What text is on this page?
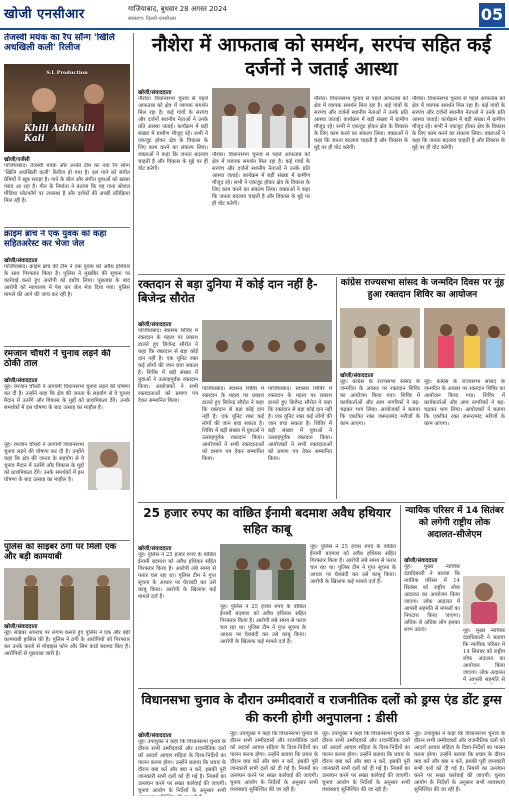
खोजी एनसीआर	गाजियाबाद, बुधवार 28 अगस्त 2024
संस्करण: दिल्ली-एनसीआर	05
तेजस्वी मयंक का रैप सॉन्ग 'खिलि अधखिली कली' रिलीज
S.L Production
Khili Adhkhili Kali
खोजी/एजेंसी
गाजियाबाद। तेजस्वी मयंक और उनकी टीम का नया रैप सॉन्ग 'खिलि अधखिली कली' रिलीज हो गया है। इस गाने को संगीत प्रेमियों ने खूब सराहा है। गाने के बोल और संगीत युवाओं को खासा पसंद आ रहा है। गीत के निर्माता ने बताया कि यह गाना सोशल मीडिया प्लेटफॉर्म पर उपलब्ध है और दर्शकों की अच्छी प्रतिक्रिया मिल रही है।
क्राइम ब्रांच ने एक युवक को कहा सहितअरेस्ट कर भेजा जेल
खोजी/संवाददाता
गाजियाबाद। क्राइम ब्रांच की टीम ने एक युवक को अवैध हथियार के साथ गिरफ्तार किया है। पुलिस ने मुखबिर की सूचना पर कार्रवाई करते हुए आरोपी को दबोच लिया। पूछताछ के बाद आरोपी को न्यायालय में पेश कर जेल भेज दिया गया। पुलिस मामले की आगे की जांच कर रही है।
रमजान चौधरी ने चुनाव लड़ने की ठोकी ताल
खोजी/संवाददाता
नूंह। रमजान चौधरी ने आगामी विधानसभा चुनाव लड़ने की घोषणा कर दी है। उन्होंने कहा कि क्षेत्र की जनता के सहयोग से वे चुनाव मैदान में उतरेंगे और विकास के मुद्दों को प्राथमिकता देंगे। उनके समर्थकों में इस घोषणा के बाद उत्साह का माहौल है।
नूंह। रमजान चौधरी ने आगामी विधानसभा चुनाव लड़ने की घोषणा कर दी है। उन्होंने कहा कि क्षेत्र की जनता के सहयोग से वे चुनाव मैदान में उतरेंगे और विकास के मुद्दों को प्राथमिकता देंगे। उनके समर्थकों में इस घोषणा के बाद उत्साह का माहौल है।
पुलिस को साइबर ठगी पर मिली एक और बड़ी कामयाबी
खोजी/संवाददाता
नूंह। साइबर अपराध पर लगाम कसते हुए पुलिस ने एक और बड़ी कामयाबी हासिल की है। पुलिस ने ठगी के आरोपियों को गिरफ्तार कर उनके कब्जे से मोबाइल फोन और सिम कार्ड बरामद किए हैं। आरोपियों से पूछताछ जारी है।
नौशेरा में आफताब को समर्थन, सरपंच सहित कई दर्जनों ने जताई आस्था
खोजी/संवाददाता
नौशेरा। विधानसभा चुनाव से पहले आफताब को क्षेत्र में व्यापक समर्थन मिल रहा है। कई गांवों के सरपंच और दर्जनों स्थानीय नेताओं ने उनके प्रति आस्था जताई। कार्यक्रम में बड़ी संख्या में ग्रामीण मौजूद रहे। सभी ने एकजुट होकर क्षेत्र के विकास के लिए काम करने का संकल्प लिया। वक्ताओं ने कहा कि जनता बदलाव चाहती है और विकास के मुद्दे पर ही वोट करेगी।
नौशेरा। विधानसभा चुनाव से पहले आफताब को क्षेत्र में व्यापक समर्थन मिल रहा है। कई गांवों के सरपंच और दर्जनों स्थानीय नेताओं ने उनके प्रति आस्था जताई। कार्यक्रम में बड़ी संख्या में ग्रामीण मौजूद रहे। सभी ने एकजुट होकर क्षेत्र के विकास के लिए काम करने का संकल्प लिया। वक्ताओं ने कहा कि जनता बदलाव चाहती है और विकास के मुद्दे पर ही वोट करेगी।
नौशेरा। विधानसभा चुनाव से पहले आफताब को क्षेत्र में व्यापक समर्थन मिल रहा है। कई गांवों के सरपंच और दर्जनों स्थानीय नेताओं ने उनके प्रति आस्था जताई। कार्यक्रम में बड़ी संख्या में ग्रामीण मौजूद रहे। सभी ने एकजुट होकर क्षेत्र के विकास के लिए काम करने का संकल्प लिया। वक्ताओं ने कहा कि जनता बदलाव चाहती है और विकास के मुद्दे पर ही वोट करेगी।
नौशेरा। विधानसभा चुनाव से पहले आफताब को क्षेत्र में व्यापक समर्थन मिल रहा है। कई गांवों के सरपंच और दर्जनों स्थानीय नेताओं ने उनके प्रति आस्था जताई। कार्यक्रम में बड़ी संख्या में ग्रामीण मौजूद रहे। सभी ने एकजुट होकर क्षेत्र के विकास के लिए काम करने का संकल्प लिया। वक्ताओं ने कहा कि जनता बदलाव चाहती है और विकास के मुद्दे पर ही वोट करेगी।
रक्तदान से बड़ा दुनिया में कोई दान नहीं है- बिजेन्द्र सौरोत
खोजी/संवाददाता
गाजियाबाद। स्वास्थ्य शिविर में रक्तदान के महत्व पर प्रकाश डालते हुए बिजेन्द्र सौरोत ने कहा कि रक्तदान से बड़ा कोई दान नहीं है। एक यूनिट रक्त कई लोगों की जान बचा सकता है। शिविर में बड़ी संख्या में युवाओं ने उत्साहपूर्वक रक्तदान किया। आयोजकों ने सभी रक्तदाताओं को प्रमाण पत्र देकर सम्मानित किया।
गाजियाबाद। स्वास्थ्य शिविर में रक्तदान के महत्व पर प्रकाश डालते हुए बिजेन्द्र सौरोत ने कहा कि रक्तदान से बड़ा कोई दान नहीं है। एक यूनिट रक्त कई लोगों की जान बचा सकता है। शिविर में बड़ी संख्या में युवाओं ने उत्साहपूर्वक रक्तदान किया। आयोजकों ने सभी रक्तदाताओं को प्रमाण पत्र देकर सम्मानित किया।
गाजियाबाद। स्वास्थ्य शिविर में रक्तदान के महत्व पर प्रकाश डालते हुए बिजेन्द्र सौरोत ने कहा कि रक्तदान से बड़ा कोई दान नहीं है। एक यूनिट रक्त कई लोगों की जान बचा सकता है। शिविर में बड़ी संख्या में युवाओं ने उत्साहपूर्वक रक्तदान किया। आयोजकों ने सभी रक्तदाताओं को प्रमाण पत्र देकर सम्मानित किया।
कांग्रेस राज्यसभा सांसद के जन्मदिन दिवस पर नूंह हुआ रक्तदान शिविर का आयोजन
खोजी/संवाददाता
नूंह। कांग्रेस के राज्यसभा सांसद के जन्मदिन के अवसर पर रक्तदान शिविर का आयोजन किया गया। शिविर में कार्यकर्ताओं और आम नागरिकों ने बढ़-चढ़कर भाग लिया। आयोजकों ने बताया कि एकत्रित रक्त जरूरतमंद मरीजों के काम आएगा।
नूंह। कांग्रेस के राज्यसभा सांसद के जन्मदिन के अवसर पर रक्तदान शिविर का आयोजन किया गया। शिविर में कार्यकर्ताओं और आम नागरिकों ने बढ़-चढ़कर भाग लिया। आयोजकों ने बताया कि एकत्रित रक्त जरूरतमंद मरीजों के काम आएगा।
25 हजार रुपए का वांछित ईनामी बदमाश अवैध हथियार सहित काबू
खोजी/संवाददाता
नूंह। पुलिस ने 25 हजार रुपए के वांछित ईनामी बदमाश को अवैध हथियार सहित गिरफ्तार किया है। आरोपी लंबे समय से फरार चल रहा था। पुलिस टीम ने गुप्त सूचना के आधार पर घेराबंदी कर उसे काबू किया। आरोपी के खिलाफ कई मामले दर्ज हैं।
नूंह। पुलिस ने 25 हजार रुपए के वांछित ईनामी बदमाश को अवैध हथियार सहित गिरफ्तार किया है। आरोपी लंबे समय से फरार चल रहा था। पुलिस टीम ने गुप्त सूचना के आधार पर घेराबंदी कर उसे काबू किया। आरोपी के खिलाफ कई मामले दर्ज हैं।
नूंह। पुलिस ने 25 हजार रुपए के वांछित ईनामी बदमाश को अवैध हथियार सहित गिरफ्तार किया है। आरोपी लंबे समय से फरार चल रहा था। पुलिस टीम ने गुप्त सूचना के आधार पर घेराबंदी कर उसे काबू किया। आरोपी के खिलाफ कई मामले दर्ज हैं।
न्यायिक परिसर में 14 सितंबर को लगेगी राष्ट्रीय लोक अदालत-सीजेएम
खोजी/संवाददाता
नूंह। मुख्य न्यायिक दंडाधिकारी ने बताया कि न्यायिक परिसर में 14 सितंबर को राष्ट्रीय लोक अदालत का आयोजन किया जाएगा। लोक अदालत में आपसी सहमति से मामलों का निपटारा किया जाएगा। अधिक से अधिक लोग इसका लाभ उठाएं।	नूंह। मुख्य न्यायिक दंडाधिकारी ने बताया कि न्यायिक परिसर में 14 सितंबर को राष्ट्रीय लोक अदालत का आयोजन किया जाएगा। लोक अदालत में आपसी सहमति से
विधानसभा चुनाव के दौरान उम्मीदवारों व राजनीतिक दलों को ड्रग्स एंड डोंट ड्रग्स की करनी होगी अनुपालना : डीसी
खोजी/संवाददाता
नूंह। उपायुक्त ने कहा कि विधानसभा चुनाव के दौरान सभी उम्मीदवारों और राजनीतिक दलों को आदर्श आचार संहिता के दिशा-निर्देशों का पालन करना होगा। उन्होंने बताया कि प्रचार के दौरान क्या करें और क्या न करें, इसकी पूरी जानकारी सभी दलों को दी गई है। नियमों का उल्लंघन करने पर सख्त कार्रवाई की जाएगी। चुनाव आयोग के निर्देशों के अनुसार सभी
नूंह। उपायुक्त ने कहा कि विधानसभा चुनाव के दौरान सभी उम्मीदवारों और राजनीतिक दलों को आदर्श आचार संहिता के दिशा-निर्देशों का पालन करना होगा। उन्होंने बताया कि प्रचार के दौरान क्या करें और क्या न करें, इसकी पूरी जानकारी सभी दलों को दी गई है। नियमों का उल्लंघन करने पर सख्त कार्रवाई की जाएगी। चुनाव आयोग के निर्देशों के अनुसार सभी व्यवस्थाएं सुनिश्चित की जा रही हैं।
नूंह। उपायुक्त ने कहा कि विधानसभा चुनाव के दौरान सभी उम्मीदवारों और राजनीतिक दलों को आदर्श आचार संहिता के दिशा-निर्देशों का पालन करना होगा। उन्होंने बताया कि प्रचार के दौरान क्या करें और क्या न करें, इसकी पूरी जानकारी सभी दलों को दी गई है। नियमों का उल्लंघन करने पर सख्त कार्रवाई की जाएगी। चुनाव आयोग के निर्देशों के अनुसार सभी व्यवस्थाएं सुनिश्चित की जा रही हैं।
नूंह। उपायुक्त ने कहा कि विधानसभा चुनाव के दौरान सभी उम्मीदवारों और राजनीतिक दलों को आदर्श आचार संहिता के दिशा-निर्देशों का पालन करना होगा। उन्होंने बताया कि प्रचार के दौरान क्या करें और क्या न करें, इसकी पूरी जानकारी सभी दलों को दी गई है। नियमों का उल्लंघन करने पर सख्त कार्रवाई की जाएगी। चुनाव आयोग के निर्देशों के अनुसार सभी व्यवस्थाएं सुनिश्चित की जा रही हैं।
